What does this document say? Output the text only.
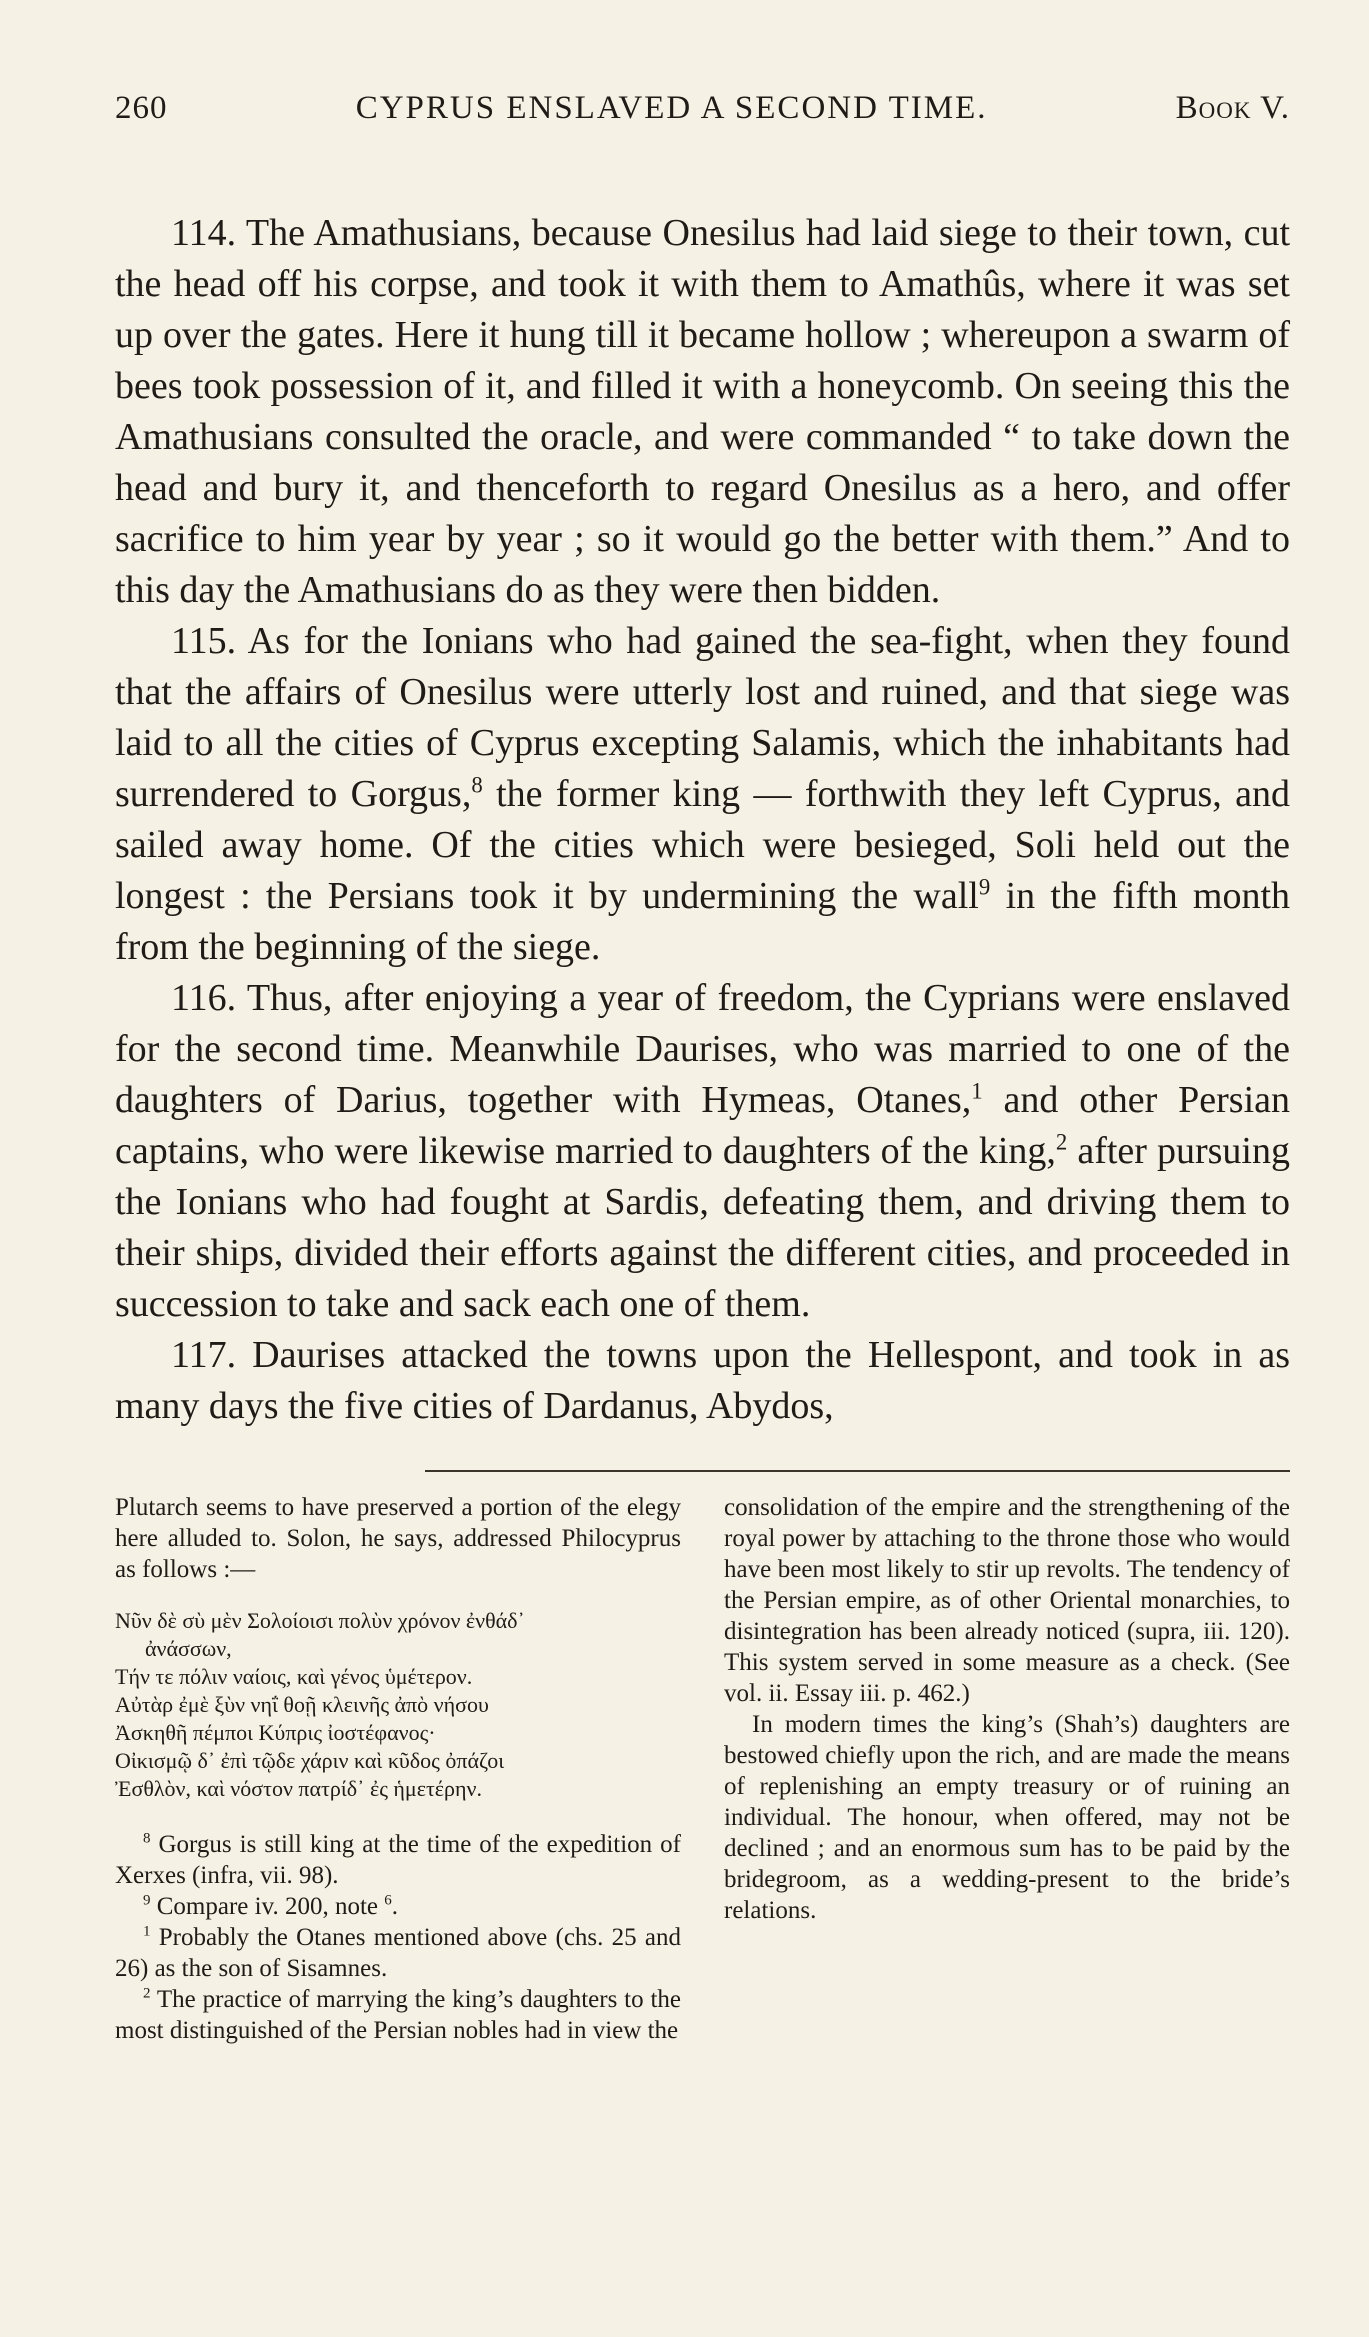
260	CYPRUS ENSLAVED A SECOND TIME.	Book V.

114. The Amathusians, because Onesilus had laid siege to their town, cut the head off his corpse, and took it with them to Amathûs, where it was set up over the gates. Here it hung till it became hollow ; whereupon a swarm of bees took possession of it, and filled it with a honeycomb. On seeing this the Amathusians consulted the oracle, and were commanded “ to take down the head and bury it, and thenceforth to regard Onesilus as a hero, and offer sacrifice to him year by year ; so it would go the better with them.” And to this day the Amathusians do as they were then bidden.

115. As for the Ionians who had gained the sea-fight, when they found that the affairs of Onesilus were utterly lost and ruined, and that siege was laid to all the cities of Cyprus excepting Salamis, which the inhabitants had surrendered to Gorgus,$^8$ the former king — forthwith they left Cyprus, and sailed away home. Of the cities which were besieged, Soli held out the longest : the Persians took it by undermining the wall$^9$ in the fifth month from the beginning of the siege.

116. Thus, after enjoying a year of freedom, the Cyprians were enslaved for the second time. Meanwhile Daurises, who was married to one of the daughters of Darius, together with Hymeas, Otanes,$^1$ and other Persian captains, who were likewise married to daughters of the king,$^2$ after pursuing the Ionians who had fought at Sardis, defeating them, and driving them to their ships, divided their efforts against the different cities, and proceeded in succession to take and sack each one of them.

117. Daurises attacked the towns upon the Hellespont, and took in as many days the five cities of Dardanus, Abydos,

Plutarch seems to have preserved a portion of the elegy here alluded to. Solon, he says, addressed Philocyprus as follows :—

Νῦν δὲ σὺ μὲν Σολοίοισι πολὺν χρόνον ἐνθάδ᾽
ἀνάσσων,
Τήν τε πόλιν ναίοις, καὶ γένος ὑμέτερον.
Αὐτὰρ ἐμὲ ξὺν νηΐ θοῇ κλεινῆς ἀπὸ νήσου
Ἀσκηθῆ πέμποι Κύπρις ἰοστέφανος·
Οἰκισμῷ δ᾽ ἐπὶ τῷδε χάριν καὶ κῦδος ὀπάζοι
Ἐσθλὸν, καὶ νόστον πατρίδ᾽ ἐς ἡμετέρην.

$^8$ Gorgus is still king at the time of the expedition of Xerxes (infra, vii. 98).

$^9$ Compare iv. 200, note $^6$.

$^1$ Probably the Otanes mentioned above (chs. 25 and 26) as the son of Sisamnes.

$^2$ The practice of marrying the king’s daughters to the most distinguished of the Persian nobles had in view the

consolidation of the empire and the strengthening of the royal power by attaching to the throne those who would have been most likely to stir up revolts. The tendency of the Persian empire, as of other Oriental monarchies, to disintegration has been already noticed (supra, iii. 120). This system served in some measure as a check. (See vol. ii. Essay iii. p. 462.)

In modern times the king’s (Shah’s) daughters are bestowed chiefly upon the rich, and are made the means of replenishing an empty treasury or of ruining an individual. The honour, when offered, may not be declined ; and an enormous sum has to be paid by the bridegroom, as a wedding-present to the bride’s relations.
